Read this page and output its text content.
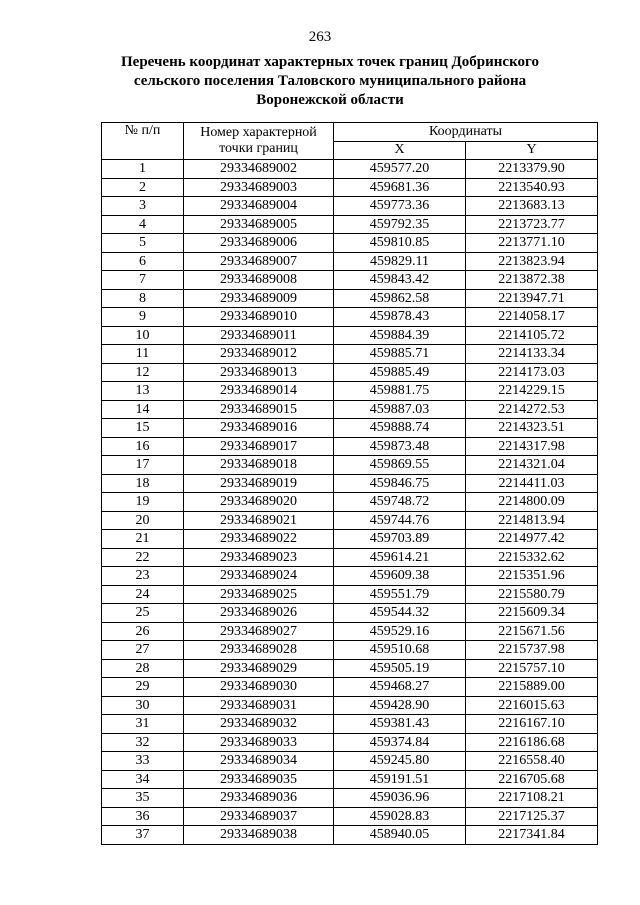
263
Перечень координат характерных точек границ Добринского
сельского поселения Таловского муниципального района
Воронежской области
№ п/п	Номер характерной точки границ	Координаты	
		X	Y
1	29334689002	459577.20	2213379.90
2	29334689003	459681.36	2213540.93
3	29334689004	459773.36	2213683.13
4	29334689005	459792.35	2213723.77
5	29334689006	459810.85	2213771.10
6	29334689007	459829.11	2213823.94
7	29334689008	459843.42	2213872.38
8	29334689009	459862.58	2213947.71
9	29334689010	459878.43	2214058.17
10	29334689011	459884.39	2214105.72
11	29334689012	459885.71	2214133.34
12	29334689013	459885.49	2214173.03
13	29334689014	459881.75	2214229.15
14	29334689015	459887.03	2214272.53
15	29334689016	459888.74	2214323.51
16	29334689017	459873.48	2214317.98
17	29334689018	459869.55	2214321.04
18	29334689019	459846.75	2214411.03
19	29334689020	459748.72	2214800.09
20	29334689021	459744.76	2214813.94
21	29334689022	459703.89	2214977.42
22	29334689023	459614.21	2215332.62
23	29334689024	459609.38	2215351.96
24	29334689025	459551.79	2215580.79
25	29334689026	459544.32	2215609.34
26	29334689027	459529.16	2215671.56
27	29334689028	459510.68	2215737.98
28	29334689029	459505.19	2215757.10
29	29334689030	459468.27	2215889.00
30	29334689031	459428.90	2216015.63
31	29334689032	459381.43	2216167.10
32	29334689033	459374.84	2216186.68
33	29334689034	459245.80	2216558.40
34	29334689035	459191.51	2216705.68
35	29334689036	459036.96	2217108.21
36	29334689037	459028.83	2217125.37
37	29334689038	458940.05	2217341.84
